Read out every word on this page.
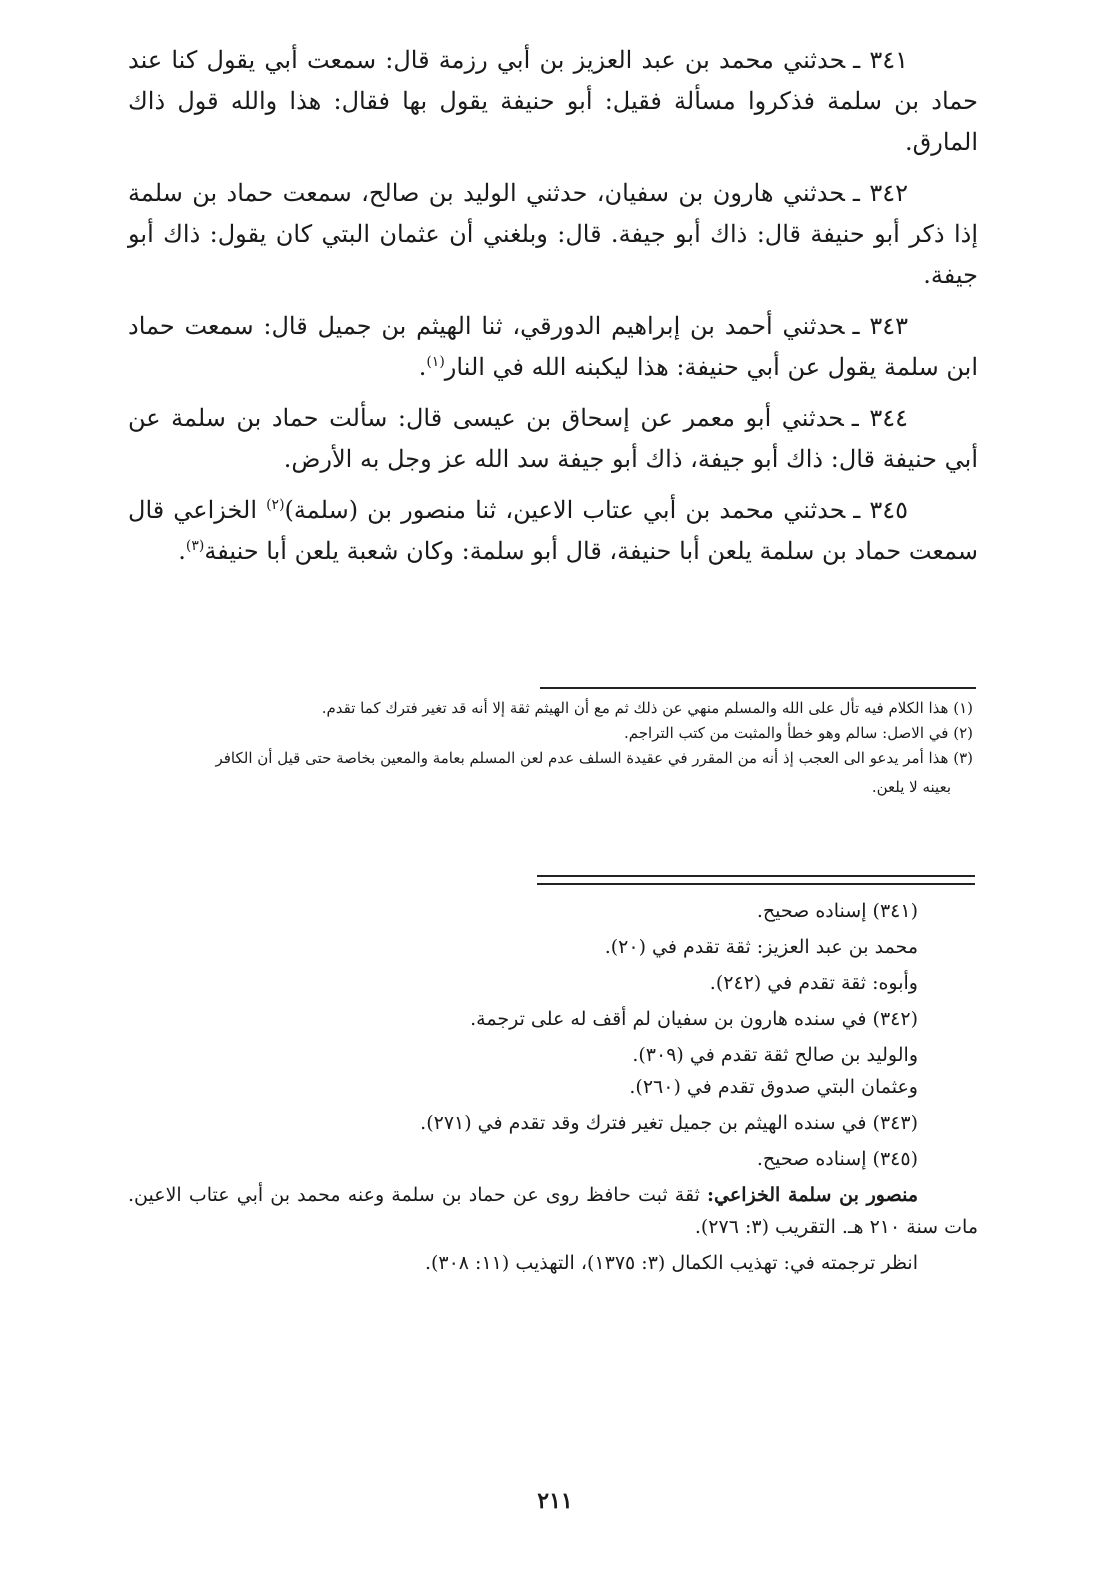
٣٤١ ـحدثني محمد بن عبد العزيز بن أبي رزمة قال: سمعت أبي يقول كنا عند حماد بن سلمة فذكروا مسألة فقيل: أبو حنيفة يقول بها فقال: هذا والله قول ذاك المارق.

٣٤٢ ـحدثني هارون بن سفيان، حدثني الوليد بن صالح، سمعت حماد بن سلمة إذا ذكر أبو حنيفة قال: ذاك أبو جيفة. قال: وبلغني أن عثمان البتي كان يقول: ذاك أبو جيفة.

٣٤٣ ـحدثني أحمد بن إبراهيم الدورقي، ثنا الهيثم بن جميل قال: سمعت حماد ابن سلمة يقول عن أبي حنيفة: هذا ليكبنه الله في النار$^{(١)}$.

٣٤٤ ـحدثني أبو معمر عن إسحاق بن عيسى قال: سألت حماد بن سلمة عن أبي حنيفة قال: ذاك أبو جيفة، ذاك أبو جيفة سد الله عز وجل به الأرض.

٣٤٥ ـحدثني محمد بن أبي عتاب الاعين، ثنا منصور بن (سلمة)$^{(٢)}$ الخزاعي قال سمعت حماد بن سلمة يلعن أبا حنيفة، قال أبو سلمة: وكان شعبة يلعن أبا حنيفة$^{(٣)}$.

(١) هذا الكلام فيه تأل على الله والمسلم منهي عن ذلك ثم مع أن الهيثم ثقة إلا أنه قد تغير فترك كما تقدم.

(٢) في الاصل: سالم وهو خطأ والمثبت من كتب التراجم.

(٣) هذا أمر يدعو الى العجب إذ أنه من المقرر في عقيدة السلف عدم لعن المسلم بعامة والمعين بخاصة حتى قيل أن الكافر

بعينه لا يلعن.

(٣٤١) إسناده صحيح.

محمد بن عبد العزيز: ثقة تقدم في (٢٠).

وأبوه: ثقة تقدم في (٢٤٢).

(٣٤٢) في سنده هارون بن سفيان لم أقف له على ترجمة.

والوليد بن صالح ثقة تقدم في (٣٠٩).

وعثمان البتي صدوق تقدم في (٢٦٠).

(٣٤٣) في سنده الهيثم بن جميل تغير فترك وقد تقدم في (٢٧١).

(٣٤٥) إسناده صحيح.

منصور بن سلمة الخزاعي: ثقة ثبت حافظ روى عن حماد بن سلمة وعنه محمد بن أبي عتاب الاعين. مات سنة ٢١٠ هـ. التقريب (٣: ٢٧٦).

انظر ترجمته في: تهذيب الكمال (٣: ١٣٧٥)، التهذيب (١١: ٣٠٨).

٢١١
